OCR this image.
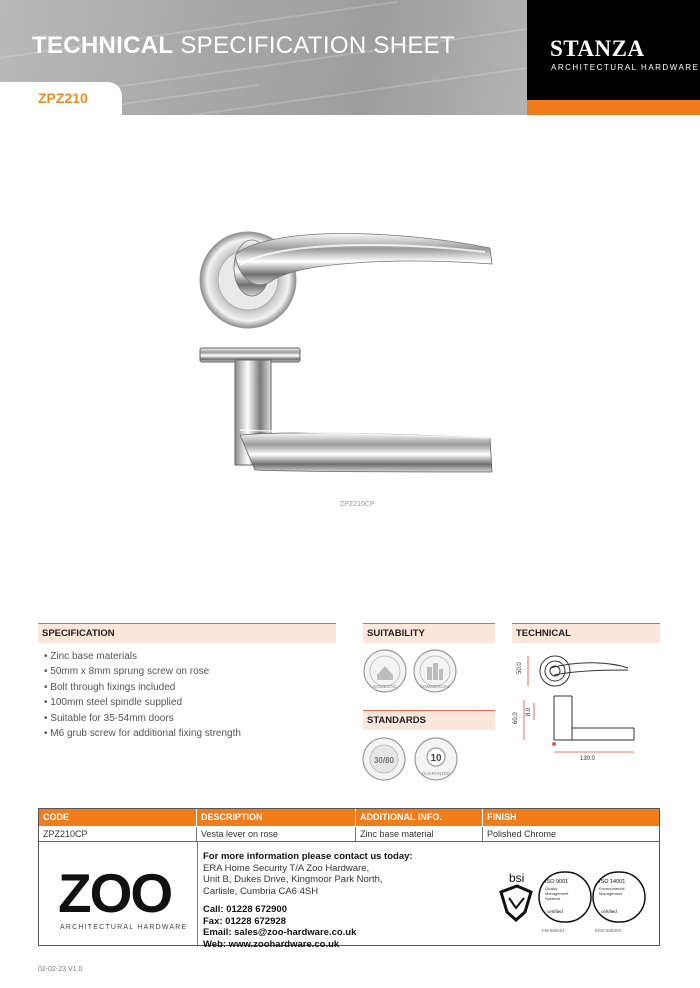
TECHNICAL SPECIFICATION SHEET
ZPZ210
STANZA
ARCHITECTURAL HARDWARE
ZPZ210CP
SPECIFICATION
• Zinc base materials
• 50mm x 8mm sprung screw on rose
• Bolt through fixings included
• 100mm steel spindle supplied
• Suitable for 35-54mm doors
• M6 grub screw for additional fixing strength
SUITABILITY
DOMESTIC	COMMERCIAL
STANDARDS
30/80	10
GUARANTEE
TECHNICAL
50.0
60.0
8.0
130.0
CODE	DESCRIPTION	ADDITIONAL INFO.	FINISH
ZPZ210CP	Vesta lever on rose	Zinc base material	Polished Chrome
ZOO
ARCHITECTURAL HARDWARE
For more information please contact us today:
ERA Home Security T/A Zoo Hardware,
Unit B, Dukes Drive, Kingmoor Park North,
Carlisle, Cumbria CA6 4SH
Call: 01228 672900
Fax: 01228 672928
Email: sales@zoo-hardware.co.uk
Web: www.zoohardware.co.uk
bsi	ISO 9001
Quality
Management
Systems
certified
ISO 14001
Environmental
Management
certified
FM 668401	EMS 668402
02-02-23 V1.0
